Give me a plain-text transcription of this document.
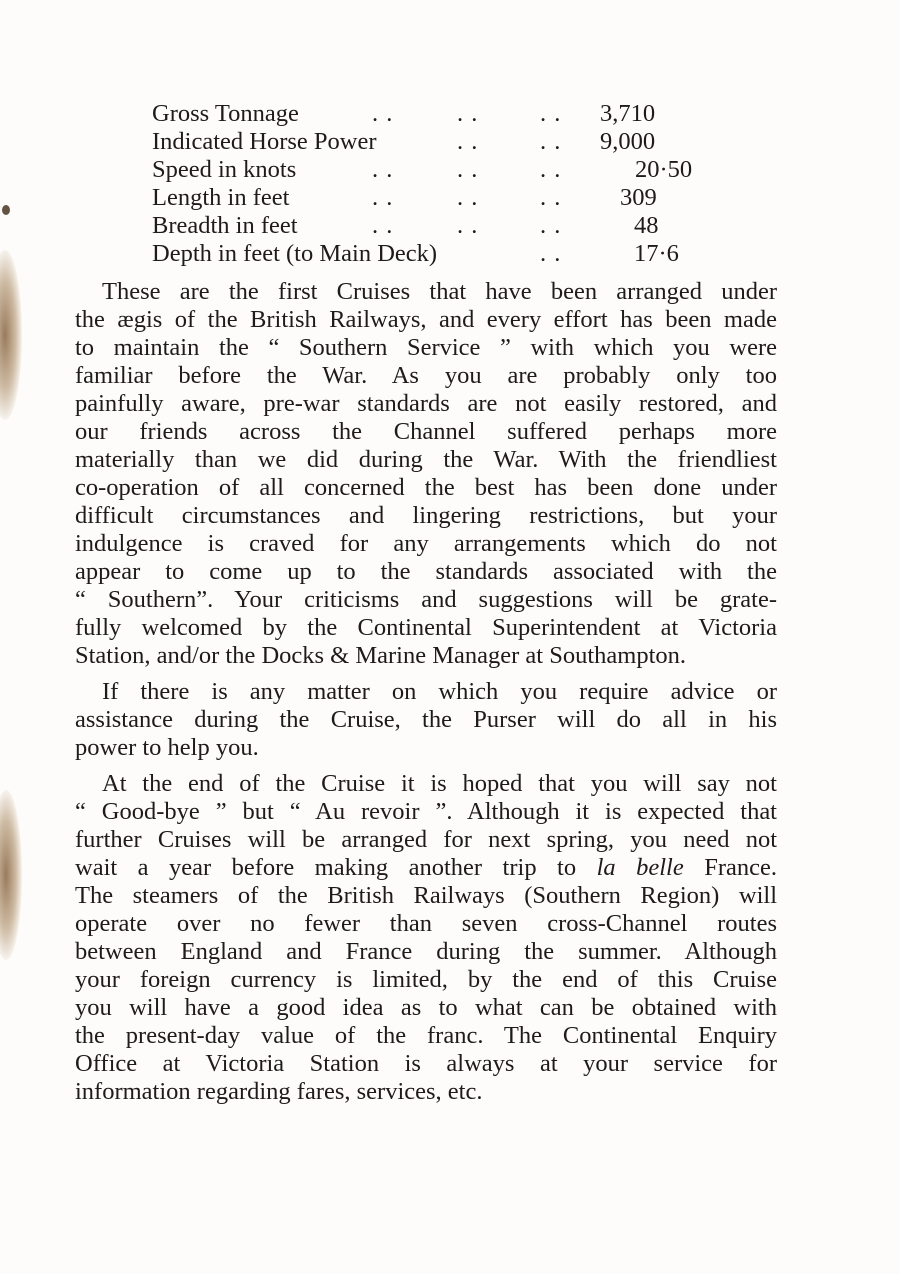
Gross Tonnage	. .	. .	. . 3,710
Indicated Horse Power	. .	. . 9,000
Speed in knots	. .	. .	. .	20·50
Length in feet	. .	. .	. . 309
Breadth in feet	. .	. .	. .	48
Depth in feet (to Main Deck)	. .	17·6

These are the first Cruises that have been arranged under
the ægis of the British Railways, and every effort has been made
to maintain the “ Southern Service ” with which you were
familiar before the War. As you are probably only too
painfully aware, pre-war standards are not easily restored, and
our friends across the Channel suffered perhaps more
materially than we did during the War. With the friendliest
co-operation of all concerned the best has been done under
difficult circumstances and lingering restrictions, but your
indulgence is craved for any arrangements which do not
appear to come up to the standards associated with the
“ Southern”. Your criticisms and suggestions will be grate-
fully welcomed by the Continental Superintendent at Victoria
Station, and/or the Docks & Marine Manager at Southampton.

If there is any matter on which you require advice or
assistance during the Cruise, the Purser will do all in his
power to help you.

At the end of the Cruise it is hoped that you will say not
“ Good-bye ” but “ Au revoir ”. Although it is expected that
further Cruises will be arranged for next spring, you need not
wait a year before making another trip to la belle France.
The steamers of the British Railways (Southern Region) will
operate over no fewer than seven cross-Channel routes
between England and France during the summer. Although
your foreign currency is limited, by the end of this Cruise
you will have a good idea as to what can be obtained with
the present-day value of the franc. The Continental Enquiry
Office at Victoria Station is always at your service for
information regarding fares, services, etc.
